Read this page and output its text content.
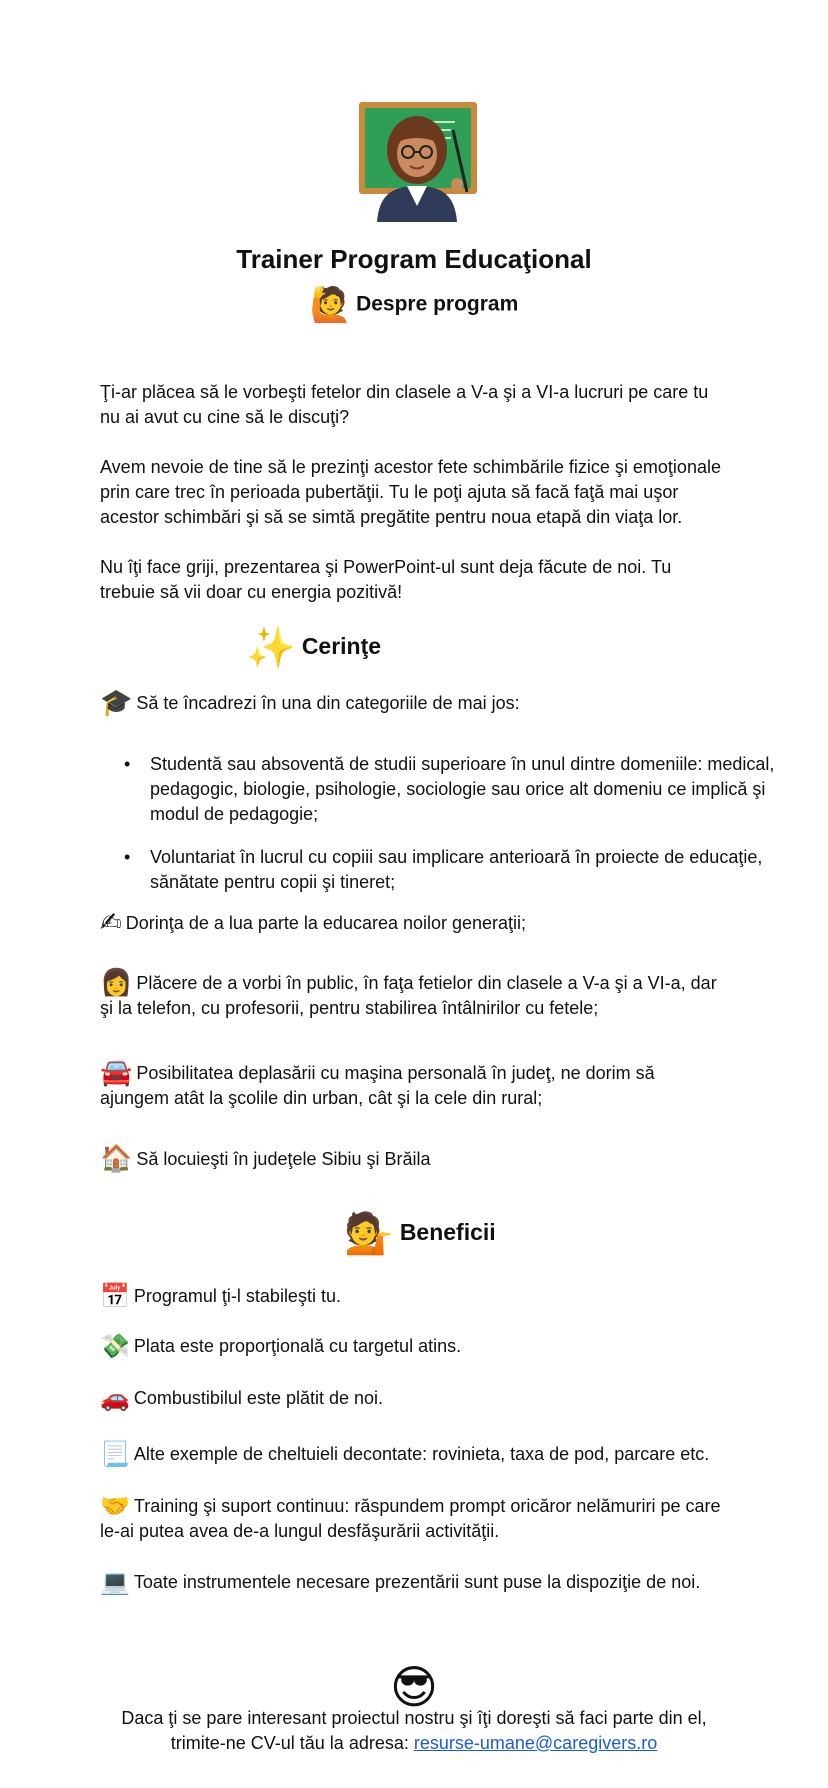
Trainer Program Educaţional
🙋 Despre program

Ţi-ar plăcea să le vorbeşti fetelor din clasele a V-a şi a VI-a lucruri pe care tu nu ai avut cu cine să le discuţi?

Avem nevoie de tine să le prezinţi acestor fete schimbările fizice şi emoţionale prin care trec în perioada pubertăţii. Tu le poţi ajuta să facă faţă mai uşor acestor schimbări şi să se simtă pregătite pentru noua etapă din viaţa lor.

Nu îţi face griji, prezentarea şi PowerPoint-ul sunt deja făcute de noi. Tu trebuie să vii doar cu energia pozitivă!

✨ Cerinţe

🎓 Să te încadrezi în una din categoriile de mai jos:

• Studentă sau absoventă de studii superioare în unul dintre domeniile: medical, pedagogic, biologie, psihologie, sociologie sau orice alt domeniu ce implică şi modul de pedagogie;
• Voluntariat în lucrul cu copiii sau implicare anterioară în proiecte de educaţie, sănătate pentru copii şi tineret;

✍ Dorinţa de a lua parte la educarea noilor generaţii;

👩 Plăcere de a vorbi în public, în faţa fetielor din clasele a V-a şi a VI-a, dar şi la telefon, cu profesorii, pentru stabilirea întâlnirilor cu fetele;

🚘 Posibilitatea deplasării cu maşina personală în judeţ, ne dorim să ajungem atât la şcolile din urban, cât şi la cele din rural;

🏠 Să locuieşti în judeţele Sibiu şi Brăila

💁 Beneficii

📅 Programul ţi-l stabileşti tu.

💸 Plata este proporţională cu targetul atins.

🚗 Combustibilul este plătit de noi.

📃 Alte exemple de cheltuieli decontate: rovinieta, taxa de pod, parcare etc.

🤝 Training şi suport continuu: răspundem prompt oricăror nelămuriri pe care le-ai putea avea de-a lungul desfăşurării activităţii.

💻 Toate instrumentele necesare prezentării sunt puse la dispoziţie de noi.

😎
Daca ţi se pare interesant proiectul nostru şi îţi doreşti să faci parte din el,
trimite-ne CV-ul tău la adresa: resurse-umane@caregivers.ro
